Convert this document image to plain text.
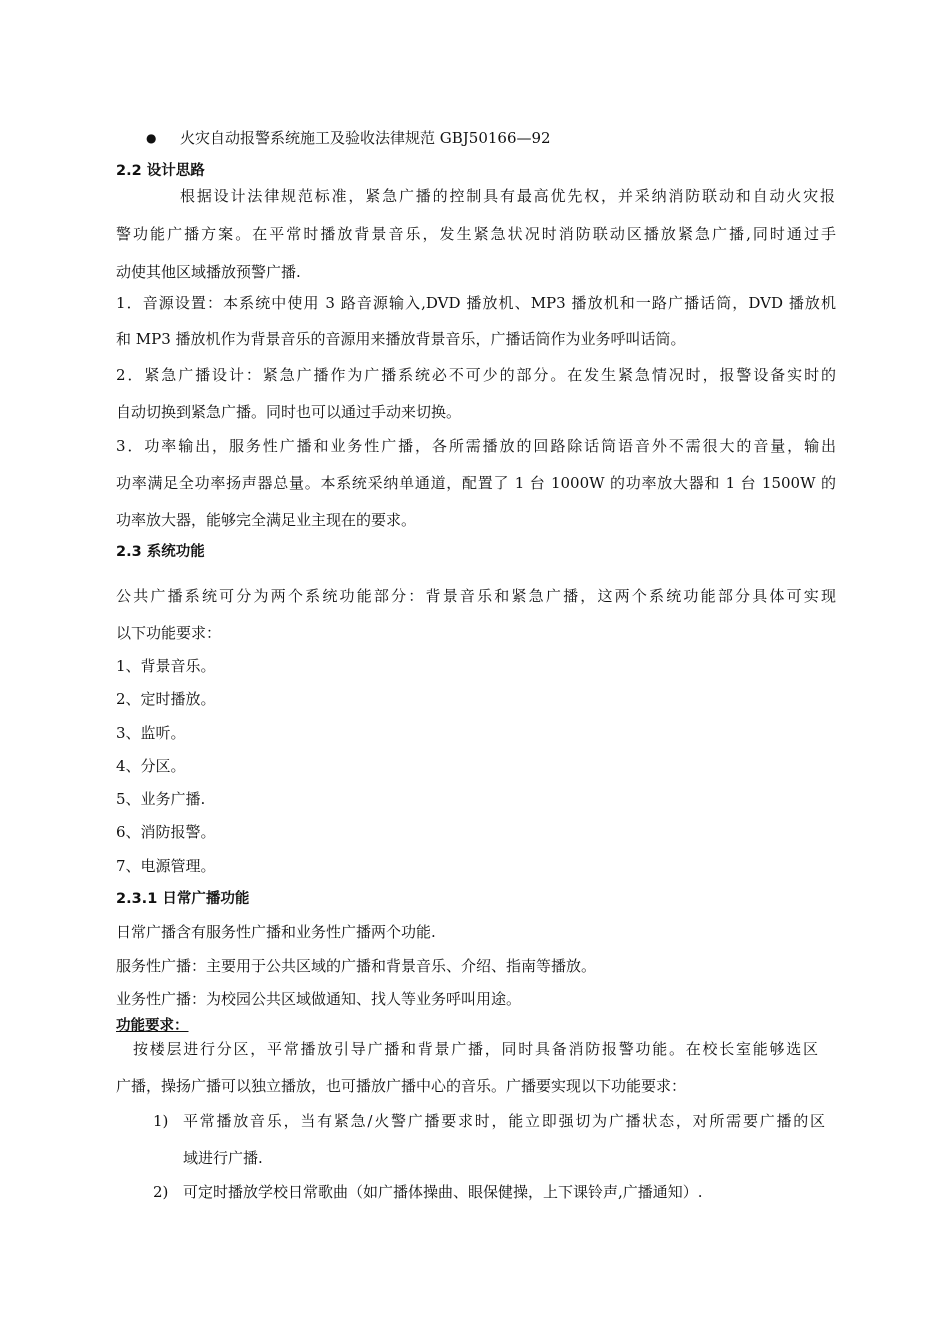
● 火灾自动报警系统施工及验收法律规范 GBJ50166—92
2.2 设计思路
根据设计法律规范标准，紧急广播的控制具有最高优先权，并采纳消防联动和自动火灾报
警功能广播方案。在平常时播放背景音乐，发生紧急状况时消防联动区播放紧急广播,同时通过手
动使其他区域播放预警广播.
1．音源设置：本系统中使用 3 路音源输入,DVD 播放机、MP3 播放机和一路广播话筒，DVD 播放机
和 MP3 播放机作为背景音乐的音源用来播放背景音乐，广播话筒作为业务呼叫话筒。
2．紧急广播设计：紧急广播作为广播系统必不可少的部分。在发生紧急情况时，报警设备实时的
自动切换到紧急广播。同时也可以通过手动来切换。
3．功率输出，服务性广播和业务性广播，各所需播放的回路除话筒语音外不需很大的音量，输出
功率满足全功率扬声器总量。本系统采纳单通道，配置了 1 台 1000W 的功率放大器和 1 台 1500W 的
功率放大器，能够完全满足业主现在的要求。
2.3 系统功能
公共广播系统可分为两个系统功能部分：背景音乐和紧急广播，这两个系统功能部分具体可实现
以下功能要求：
1、背景音乐。
2、定时播放。
3、监听。
4、分区。
5、业务广播.
6、消防报警。
7、电源管理。
2.3.1 日常广播功能
日常广播含有服务性广播和业务性广播两个功能.
服务性广播：主要用于公共区域的广播和背景音乐、介绍、指南等播放。
业务性广播：为校园公共区域做通知、找人等业务呼叫用途。
功能要求：
按楼层进行分区，平常播放引导广播和背景广播，同时具备消防报警功能。在校长室能够选区
广播，操扬广播可以独立播放，也可播放广播中心的音乐。广播要实现以下功能要求：
1) 平常播放音乐，当有紧急/火警广播要求时，能立即强切为广播状态，对所需要广播的区
域进行广播.
2) 可定时播放学校日常歌曲（如广播体操曲、眼保健操，上下课铃声,广播通知）.
